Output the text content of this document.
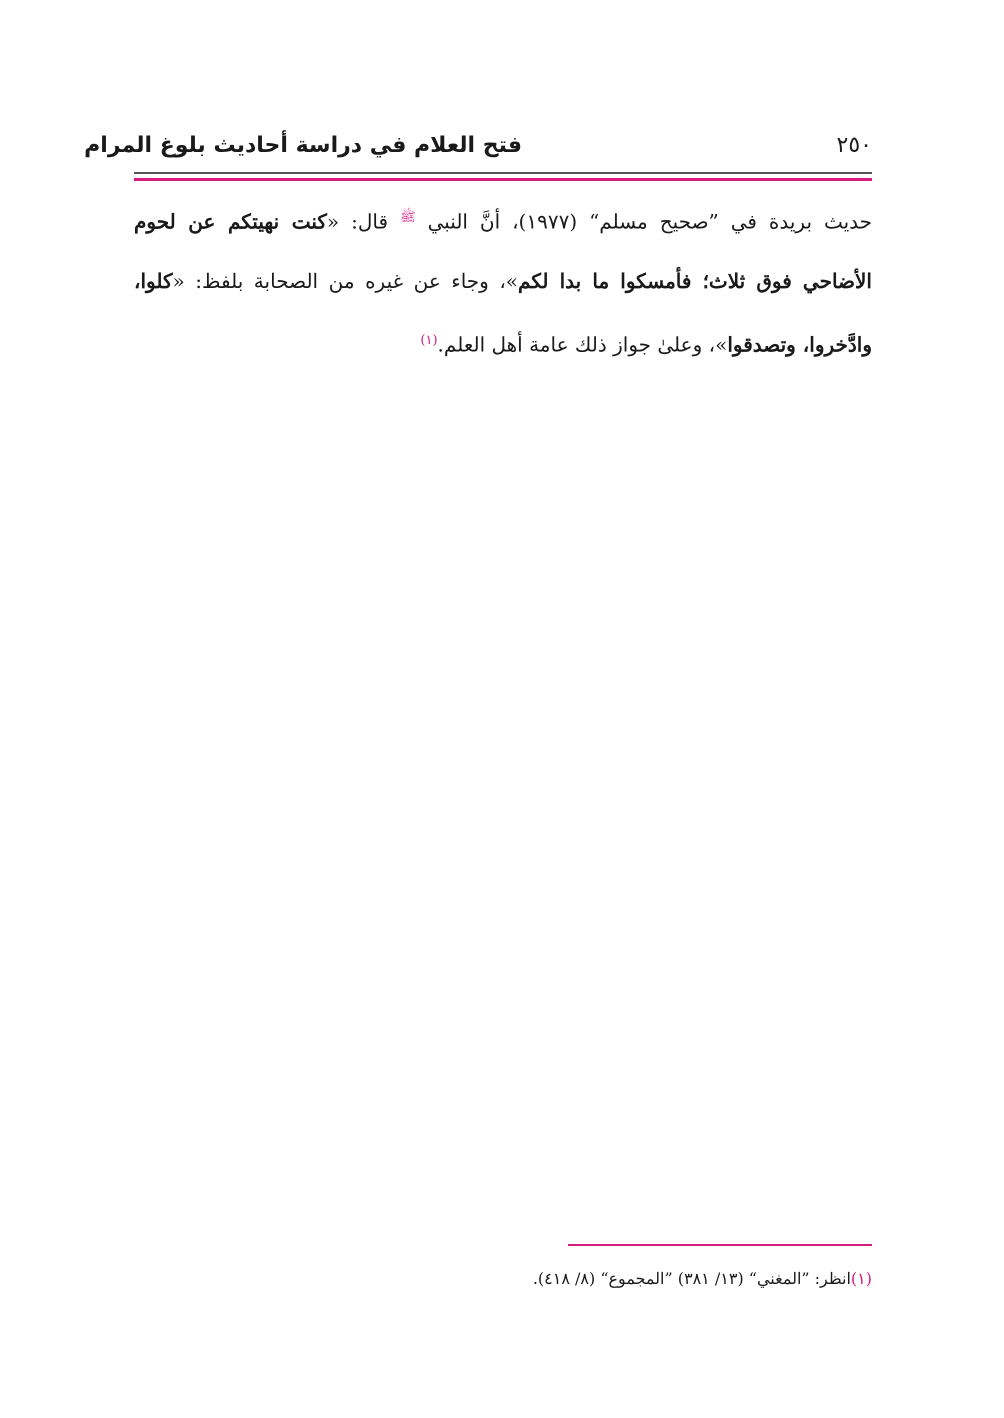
٢٥٠
فتح العلام في دراسة أحاديث بلوغ المرام

حديث بريدة في ”صحيح مسلم“ (١٩٧٧)، أنَّ النبي $^ﷺ$ قال: «كنت نهيتكم عن لحوم الأضاحي فوق ثلاث؛ فأمسكوا ما بدا لكم»، وجاء عن غيره من الصحابة بلفظ: «كلوا، وادَّخروا، وتصدقوا»، وعلىٰ جواز ذلك عامة أهل العلم.$^{(١)}$

(١)انظر: ”المغني“ (١٣/ ٣٨١) ”المجموع“ (٨/ ٤١٨).
